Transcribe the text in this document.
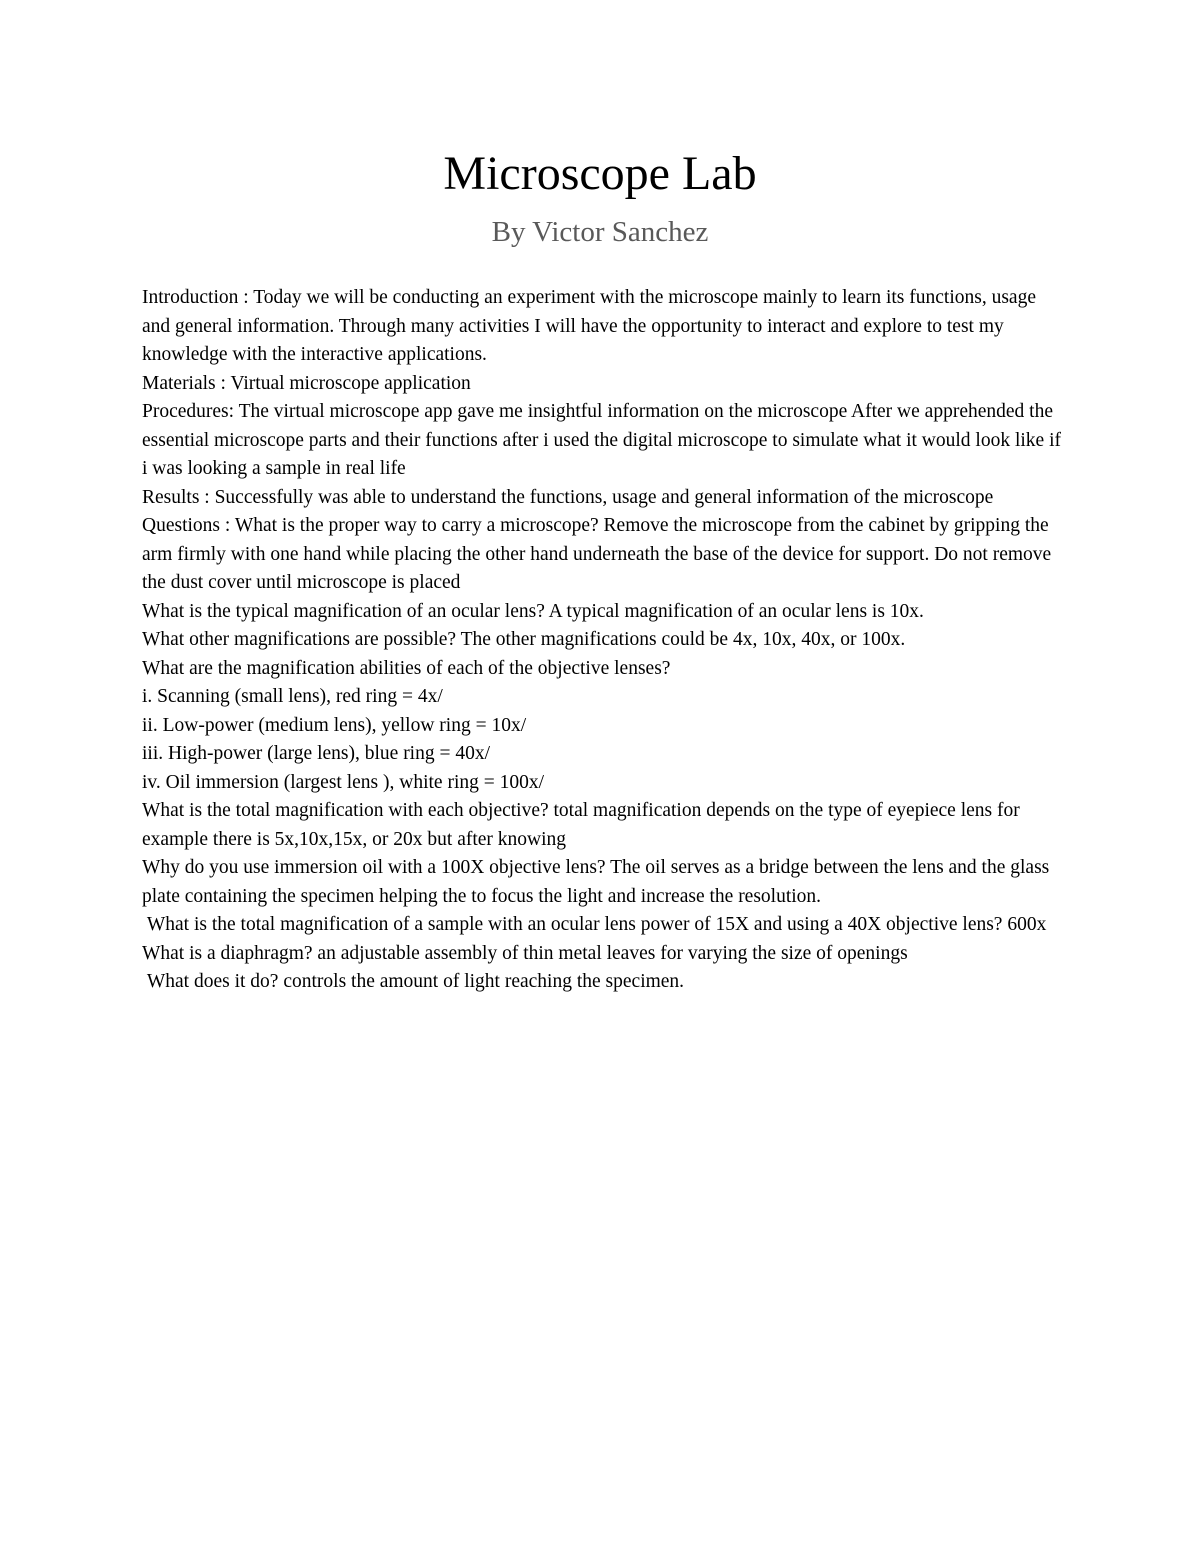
Microscope Lab
By Victor Sanchez

Introduction : Today we will be conducting an experiment with the microscope mainly to learn its functions, usage and general information. Through many activities I will have the opportunity to interact and explore to test my knowledge with the interactive applications.

Materials : Virtual microscope application

Procedures: The virtual microscope app gave me insightful information on the microscope After we apprehended the essential microscope parts and their functions after i used the digital microscope to simulate what it would look like if i was looking a sample in real life

Results : Successfully was able to understand the functions, usage and general information of the microscope

Questions : What is the proper way to carry a microscope? Remove the microscope from the cabinet by gripping the arm firmly with one hand while placing the other hand underneath the base of the device for support. Do not remove the dust cover until microscope is placed

What is the typical magnification of an ocular lens? A typical magnification of an ocular lens is 10x.

What other magnifications are possible? The other magnifications could be 4x, 10x, 40x, or 100x.

What are the magnification abilities of each of the objective lenses?

i. Scanning (small lens), red ring = 4x/

ii. Low-power (medium lens), yellow ring = 10x/

iii. High-power (large lens), blue ring = 40x/

iv. Oil immersion (largest lens ), white ring = 100x/

What is the total magnification with each objective? total magnification depends on the type of eyepiece lens for example there is 5x,10x,15x, or 20x but after knowing

Why do you use immersion oil with a 100X objective lens? The oil serves as a bridge between the lens and the glass plate containing the specimen helping the to focus the light and increase the resolution.

What is the total magnification of a sample with an ocular lens power of 15X and using a 40X objective lens? 600x

What is a diaphragm? an adjustable assembly of thin metal leaves for varying the size of openings

What does it do? controls the amount of light reaching the specimen.
